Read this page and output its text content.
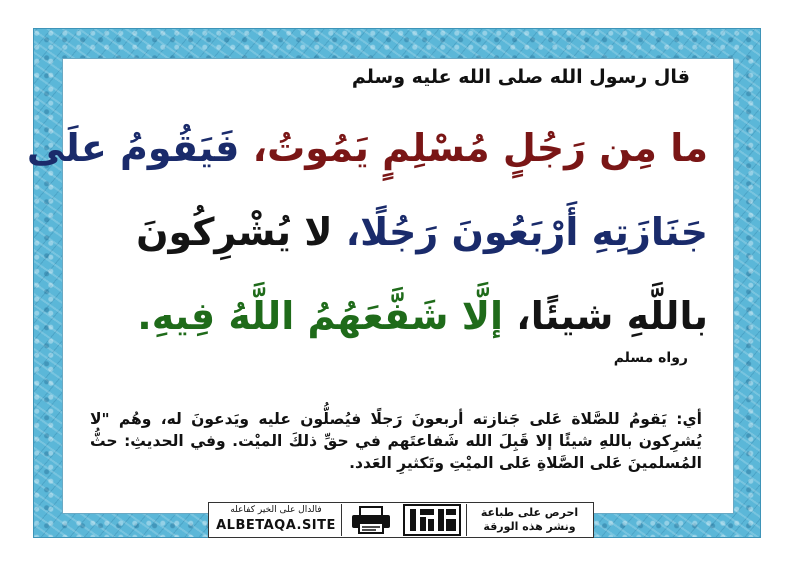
قال رسول الله صلى الله عليه وسلم
ما مِن رَجُلٍ مُسْلِمٍ يَمُوتُ، فَيَقُومُ علَى
جَنَازَتِهِ أَرْبَعُونَ رَجُلًا، لا يُشْرِكُونَ
باللَّهِ شيئًا، إلَّا شَفَّعَهُمُ اللَّهُ فِيهِ.
رواه مسلم
أي: يَقومُ للصَّلاة عَلى جَنازته أربعونَ رَجلًا فيُصلُّون عليه ويَدعونَ له، وهُم "لا يُشرِكون باللهِ شيئًا إلا قَبِلَ الله شَفاعتَهم في حقِّ ذلكَ الميْت. وفي الحديثِ: حثُّ المُسلمينَ عَلى الصَّلاةِ عَلى الميْتِ وتَكثيرِ العَدد.
فالدال على الخير كفاعله
ALBETAQA.SITE
احرص على طباعة
ونشر هذه الورقة
